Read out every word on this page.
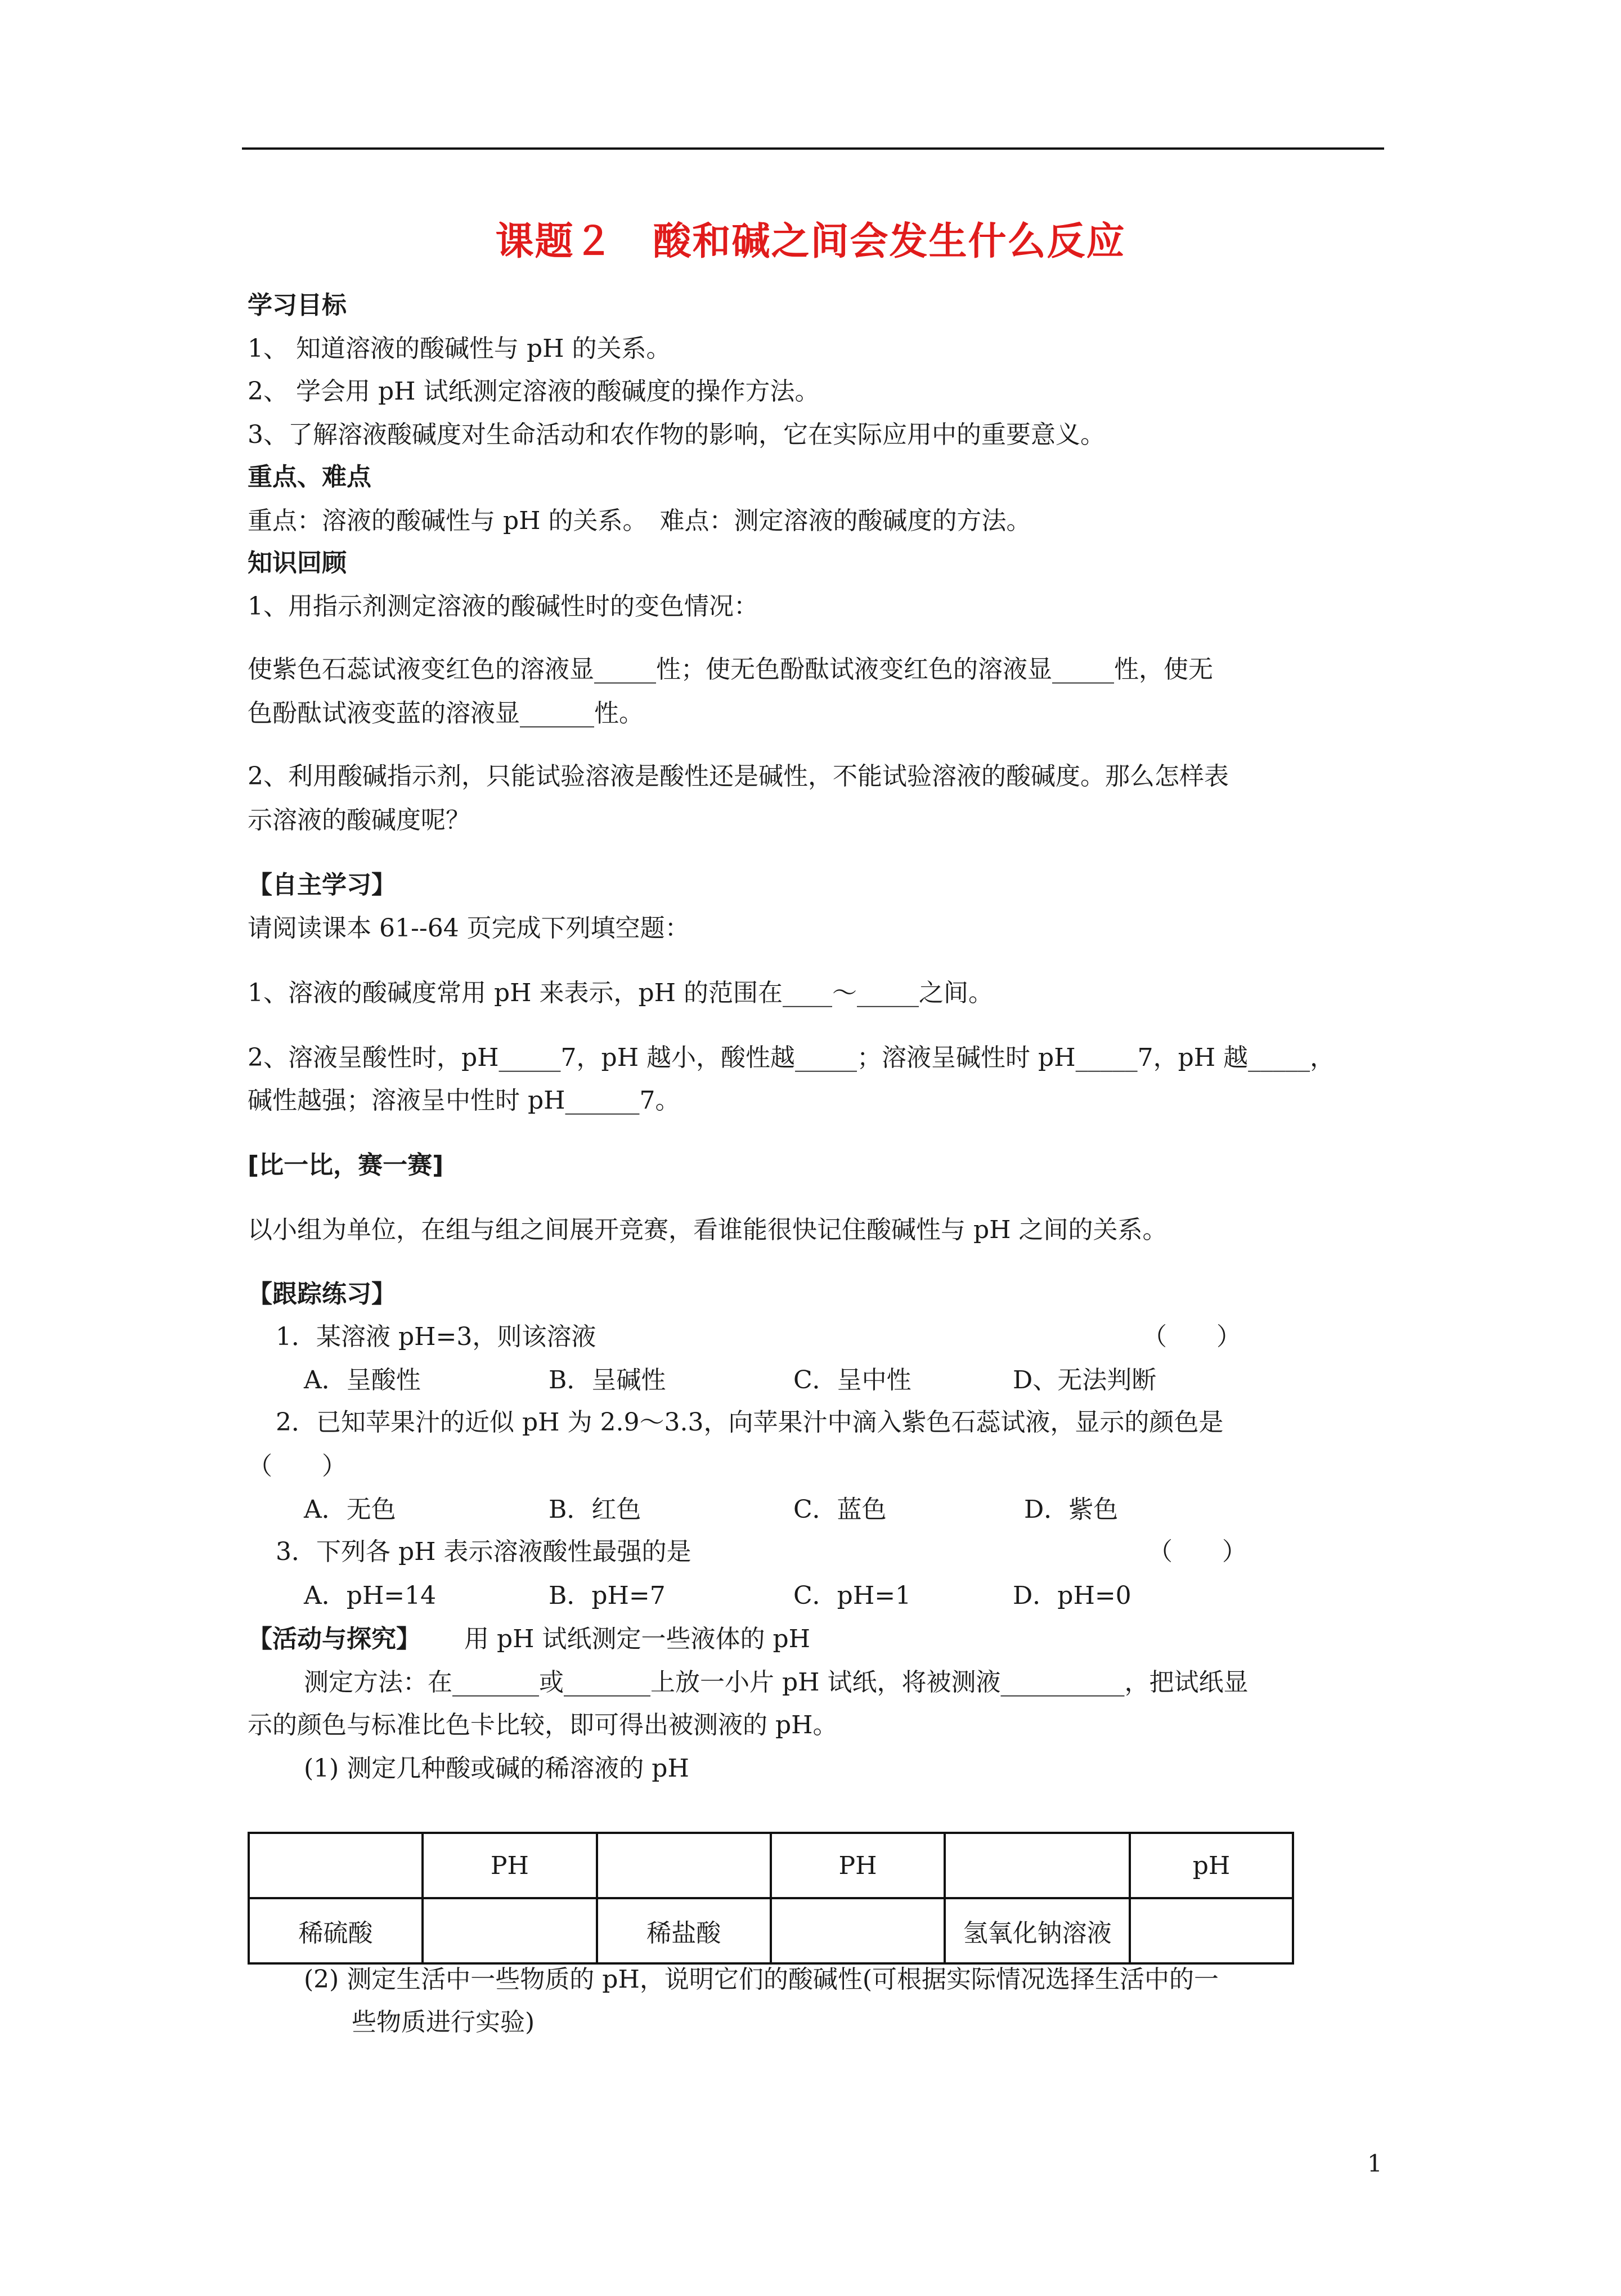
课题２　酸和碱之间会发生什么反应
学习目标
1、 知道溶液的酸碱性与 pH 的关系。
2、 学会用 pH 试纸测定溶液的酸碱度的操作方法。
3、了解溶液酸碱度对生命活动和农作物的影响，它在实际应用中的重要意义。
重点、难点
重点：溶液的酸碱性与 pH 的关系。　难点：测定溶液的酸碱度的方法。
知识回顾
1、用指示剂测定溶液的酸碱性时的变色情况：
使紫色石蕊试液变红色的溶液显_____性；使无色酚酞试液变红色的溶液显_____性，使无
色酚酞试液变蓝的溶液显______性。
2、利用酸碱指示剂，只能试验溶液是酸性还是碱性，不能试验溶液的酸碱度。那么怎样表
示溶液的酸碱度呢？
【自主学习】
请阅读课本 61--64 页完成下列填空题：
1、溶液的酸碱度常用 pH 来表示，pH 的范围在____～_____之间。
2、溶液呈酸性时，pH_____7，pH 越小，酸性越_____；溶液呈碱性时 pH_____7，pH 越_____，
碱性越强；溶液呈中性时 pH______7。
[比一比，赛一赛]
以小组为单位，在组与组之间展开竞赛，看谁能很快记住酸碱性与 pH 之间的关系。
【跟踪练习】
1．某溶液 pH=3，则该溶液	（　　）
A．呈酸性	B．呈碱性	C．呈中性	D、无法判断
2．已知苹果汁的近似 pH 为 2.9～3.3，向苹果汁中滴入紫色石蕊试液，显示的颜色是
（　　）
A．无色	B．红色	C．蓝色	D．紫色
3．下列各 pH 表示溶液酸性最强的是	（　　）
A．pH=14	B．pH=7	C．pH=1	D．pH=0
【活动与探究】 用 pH 试纸测定一些液体的 pH
测定方法：在_______或_______上放一小片 pH 试纸，将被测液__________，把试纸显
示的颜色与标准比色卡比较，即可得出被测液的 pH。
(1) 测定几种酸或碱的稀溶液的 pH
	PH		PH		pH
稀硫酸		稀盐酸		氢氧化钠溶液	
(2) 测定生活中一些物质的 pH，说明它们的酸碱性(可根据实际情况选择生活中的一
些物质进行实验)
1
